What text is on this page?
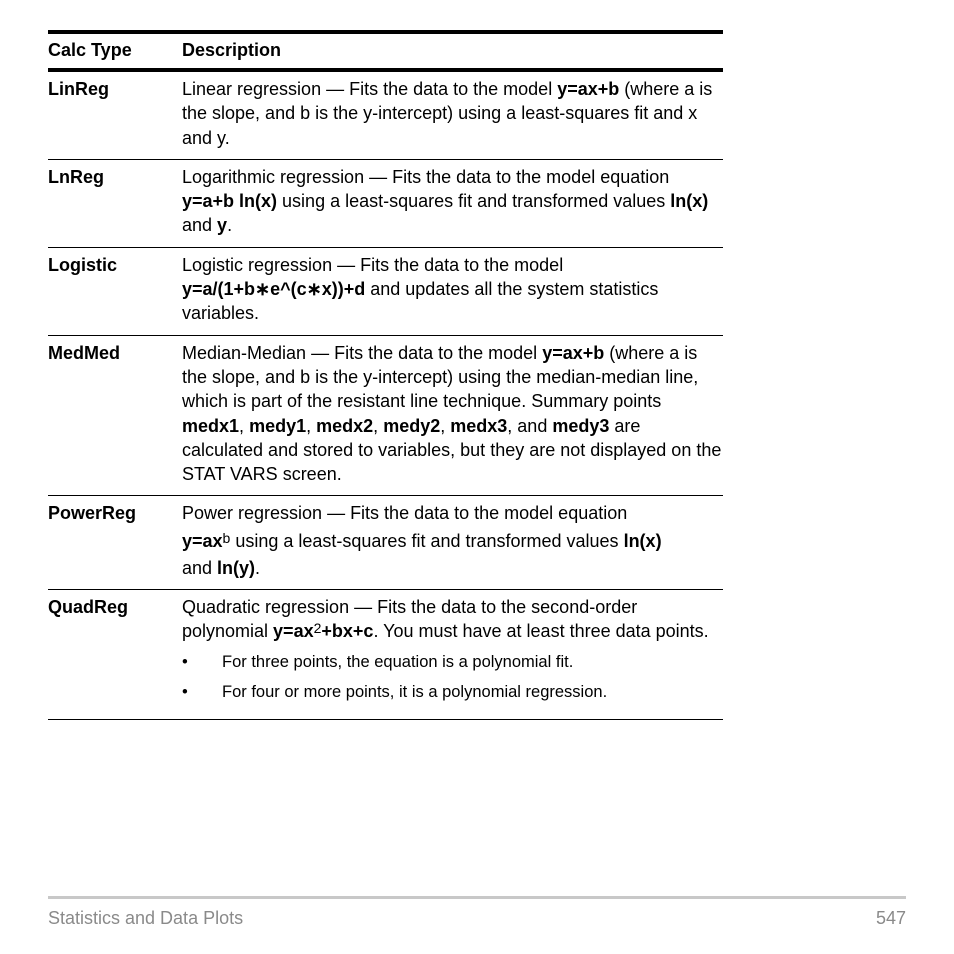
Calc Type	Description
LinReg	Linear regression — Fits the data to the model y=ax+b (where a is the slope, and b is the y-intercept) using a least-squares fit and x and y.
LnReg	Logarithmic regression — Fits the data to the model equation y=a+b ln(x) using a least-squares fit and transformed values ln(x) and y.
Logistic	Logistic regression — Fits the data to the model
y=a/(1+b∗e^(c∗x))+d and updates all the system statistics variables.
MedMed	Median-Median — Fits the data to the model y=ax+b (where a is the slope, and b is the y-intercept) using the median-median line, which is part of the resistant line technique. Summary points medx1, medy1, medx2, medy2, medx3, and medy3 are calculated and stored to variables, but they are not displayed on the STAT VARS screen.
PowerReg	Power regression — Fits the data to the model equation
$y=ax^b$ using a least-squares fit and transformed values ln(x)
and ln(y).
QuadReg	Quadratic regression — Fits the data to the second-order polynomial $y=ax^2+bx+c$. You must have at least three data points.
• For three points, the equation is a polynomial fit.
• For four or more points, it is a polynomial regression.
Statistics and Data Plots	547
